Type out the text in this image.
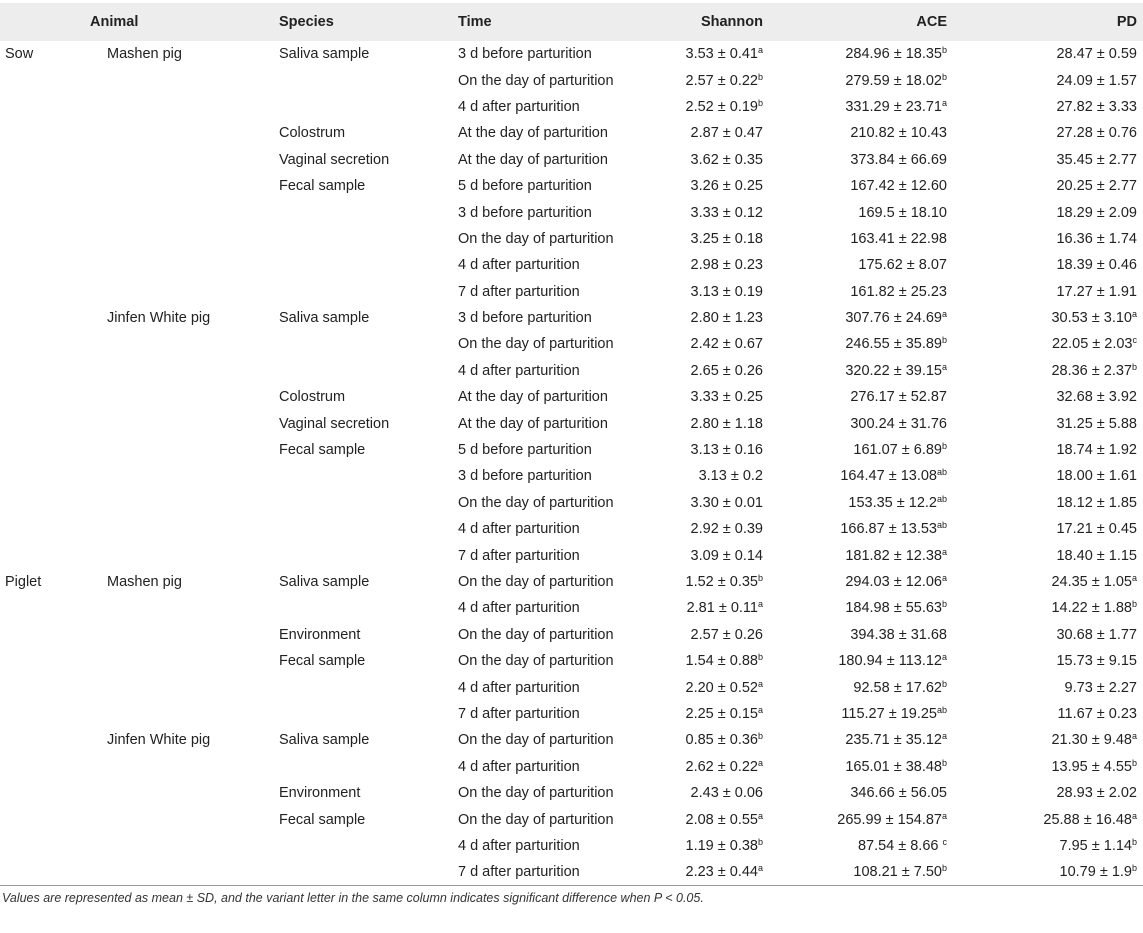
Animal		Species	Time	Shannon	ACE	PD
Sow	Mashen pig	Saliva sample	3 d before parturition	3.53 ± 0.41$^a$	284.96 ± 18.35$^b$	28.47 ± 0.59
			On the day of parturition	2.57 ± 0.22$^b$	279.59 ± 18.02$^b$	24.09 ± 1.57
			4 d after parturition	2.52 ± 0.19$^b$	331.29 ± 23.71$^a$	27.82 ± 3.33
		Colostrum	At the day of parturition	2.87 ± 0.47	210.82 ± 10.43	27.28 ± 0.76
		Vaginal secretion	At the day of parturition	3.62 ± 0.35	373.84 ± 66.69	35.45 ± 2.77
		Fecal sample	5 d before parturition	3.26 ± 0.25	167.42 ± 12.60	20.25 ± 2.77
			3 d before parturition	3.33 ± 0.12	169.5 ± 18.10	18.29 ± 2.09
			On the day of parturition	3.25 ± 0.18	163.41 ± 22.98	16.36 ± 1.74
			4 d after parturition	2.98 ± 0.23	175.62 ± 8.07	18.39 ± 0.46
			7 d after parturition	3.13 ± 0.19	161.82 ± 25.23	17.27 ± 1.91
	Jinfen White pig	Saliva sample	3 d before parturition	2.80 ± 1.23	307.76 ± 24.69$^a$	30.53 ± 3.10$^a$
			On the day of parturition	2.42 ± 0.67	246.55 ± 35.89$^b$	22.05 ± 2.03$^c$
			4 d after parturition	2.65 ± 0.26	320.22 ± 39.15$^a$	28.36 ± 2.37$^b$
		Colostrum	At the day of parturition	3.33 ± 0.25	276.17 ± 52.87	32.68 ± 3.92
		Vaginal secretion	At the day of parturition	2.80 ± 1.18	300.24 ± 31.76	31.25 ± 5.88
		Fecal sample	5 d before parturition	3.13 ± 0.16	161.07 ± 6.89$^b$	18.74 ± 1.92
			3 d before parturition	3.13 ± 0.2	164.47 ± 13.08$^{ab}$	18.00 ± 1.61
			On the day of parturition	3.30 ± 0.01	153.35 ± 12.2$^{ab}$	18.12 ± 1.85
			4 d after parturition	2.92 ± 0.39	166.87 ± 13.53$^{ab}$	17.21 ± 0.45
			7 d after parturition	3.09 ± 0.14	181.82 ± 12.38$^a$	18.40 ± 1.15
Piglet	Mashen pig	Saliva sample	On the day of parturition	1.52 ± 0.35$^b$	294.03 ± 12.06$^a$	24.35 ± 1.05$^a$
			4 d after parturition	2.81 ± 0.11$^a$	184.98 ± 55.63$^b$	14.22 ± 1.88$^b$
		Environment	On the day of parturition	2.57 ± 0.26	394.38 ± 31.68	30.68 ± 1.77
		Fecal sample	On the day of parturition	1.54 ± 0.88$^b$	180.94 ± 113.12$^a$	15.73 ± 9.15
			4 d after parturition	2.20 ± 0.52$^a$	92.58 ± 17.62$^b$	9.73 ± 2.27
			7 d after parturition	2.25 ± 0.15$^a$	115.27 ± 19.25$^{ab}$	11.67 ± 0.23
	Jinfen White pig	Saliva sample	On the day of parturition	0.85 ± 0.36$^b$	235.71 ± 35.12$^a$	21.30 ± 9.48$^a$
			4 d after parturition	2.62 ± 0.22$^a$	165.01 ± 38.48$^b$	13.95 ± 4.55$^b$
		Environment	On the day of parturition	2.43 ± 0.06	346.66 ± 56.05	28.93 ± 2.02
		Fecal sample	On the day of parturition	2.08 ± 0.55$^a$	265.99 ± 154.87$^a$	25.88 ± 16.48$^a$
			4 d after parturition	1.19 ± 0.38$^b$	87.54 ± 8.66 $^c$	7.95 ± 1.14$^b$
			7 d after parturition	2.23 ± 0.44$^a$	108.21 ± 7.50$^b$	10.79 ± 1.9$^b$
Values are represented as mean ± SD, and the variant letter in the same column indicates significant difference when P < 0.05.
